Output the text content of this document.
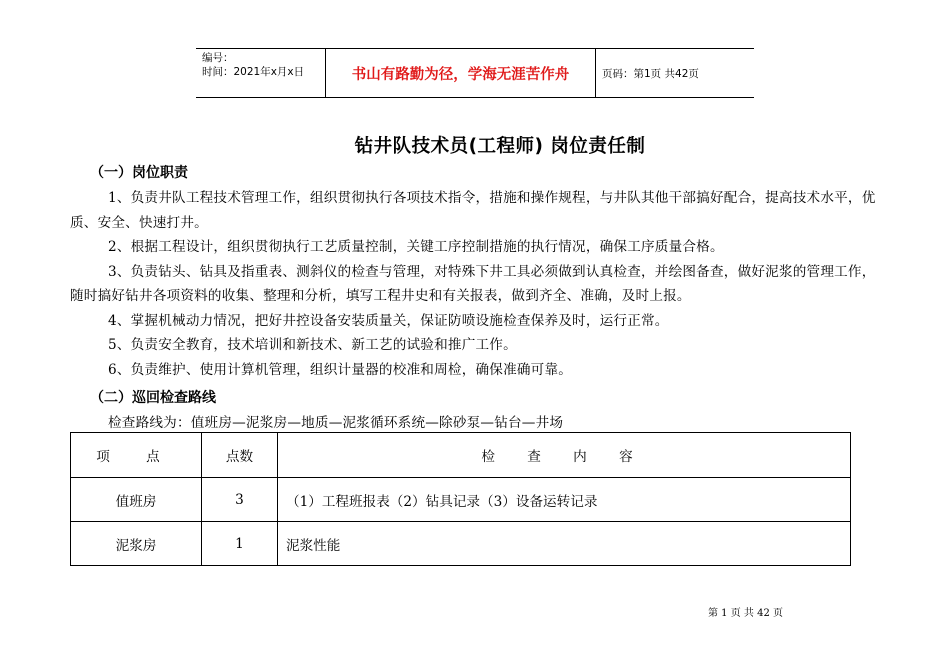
编号：
时间：2021年x月x日	书山有路勤为径，学海无涯苦作舟	页码：第1页 共42页
钻井队技术员(工程师) 岗位责任制
（一）岗位职责

1、负责井队工程技术管理工作，组织贯彻执行各项技术指令，措施和操作规程，与井队其他干部搞好配合，提高技术水平，优质、安全、快速打井。

2、根据工程设计，组织贯彻执行工艺质量控制，关键工序控制措施的执行情况，确保工序质量合格。

3、负责钻头、钻具及指重表、测斜仪的检查与管理，对特殊下井工具必须做到认真检查，并绘图备查，做好泥浆的管理工作，随时搞好钻井各项资料的收集、整理和分析，填写工程井史和有关报表，做到齐全、准确，及时上报。

4、掌握机械动力情况，把好井控设备安装质量关，保证防喷设施检查保养及时，运行正常。

5、负责安全教育，技术培训和新技术、新工艺的试验和推广工作。

6、负责维护、使用计算机管理，组织计量器的校准和周检，确保准确可靠。

（二）巡回检查路线
检查路线为：值班房—泥浆房—地质—泥浆循环系统—除砂泵—钻台—井场
项 点	点数	检 查 内 容
值班房	3	（1）工程班报表（2）钻具记录（3）设备运转记录
泥浆房	1	泥浆性能
第 1 页 共 42 页
